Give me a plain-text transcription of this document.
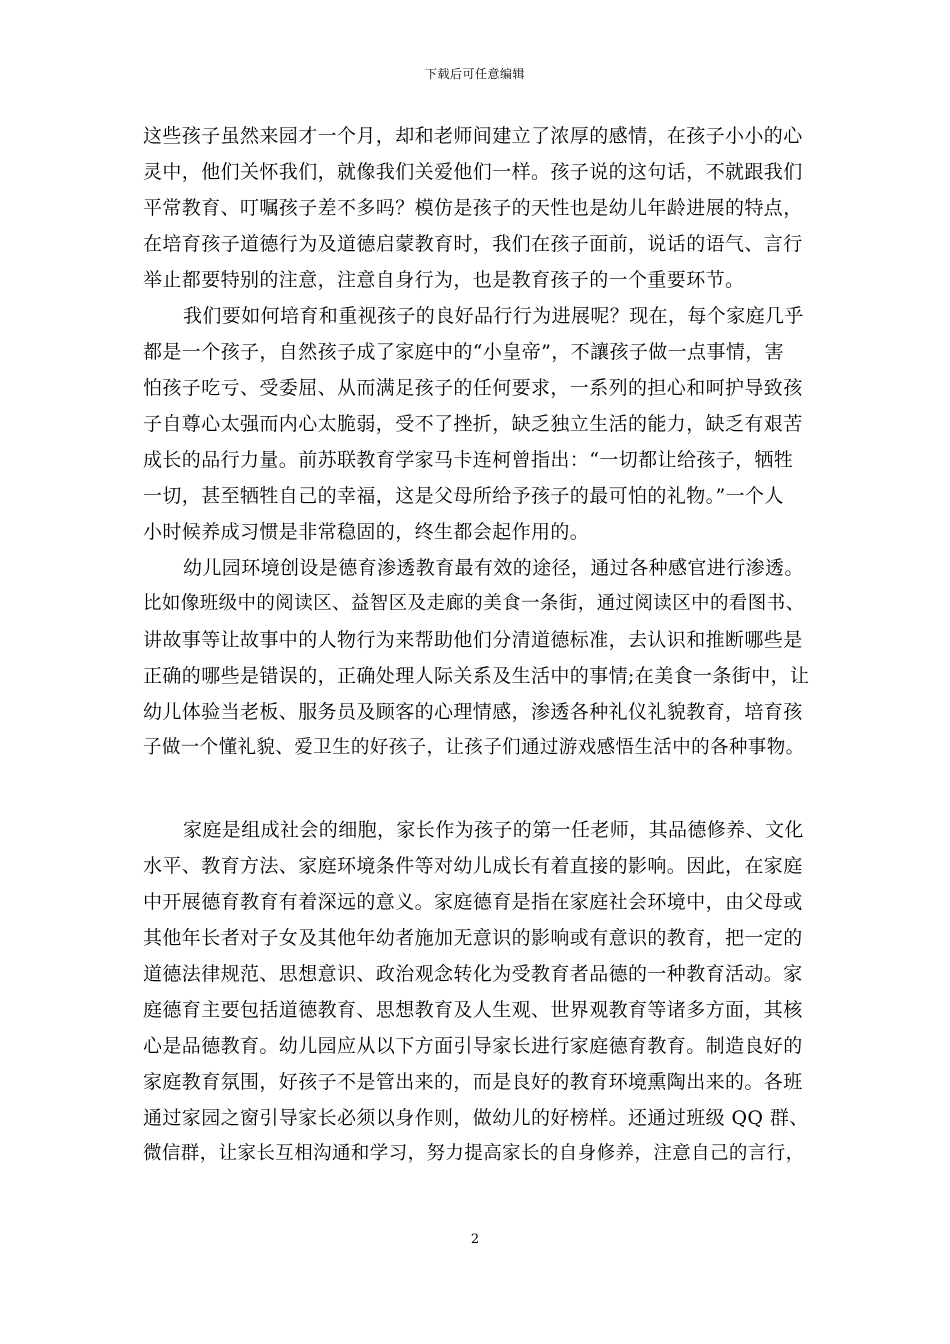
下载后可任意编辑
这些孩子虽然来园才一个月，却和老师间建立了浓厚的感情，在孩子小小的心
灵中，他们关怀我们，就像我们关爱他们一样。孩子说的这句话，不就跟我们
平常教育、叮嘱孩子差不多吗？模仿是孩子的天性也是幼儿年龄进展的特点，
在培育孩子道德行为及道德启蒙教育时，我们在孩子面前，说话的语气、言行
举止都要特别的注意，注意自身行为，也是教育孩子的一个重要环节。
我们要如何培育和重视孩子的良好品行行为进展呢？现在，每个家庭几乎
都是一个孩子，自然孩子成了家庭中的“小皇帝”，不讓孩子做一点事情，害
怕孩子吃亏、受委屈、从而满足孩子的任何要求，一系列的担心和呵护导致孩
子自尊心太强而内心太脆弱，受不了挫折，缺乏独立生活的能力，缺乏有艰苦
成长的品行力量。前苏联教育学家马卡连柯曾指出：“一切都让给孩子，牺牲
一切，甚至牺牲自己的幸福，这是父母所给予孩子的最可怕的礼物。”一个人
小时候养成习惯是非常稳固的，终生都会起作用的。
幼儿园环境创设是德育渗透教育最有效的途径，通过各种感官进行渗透。
比如像班级中的阅读区、益智区及走廊的美食一条街，通过阅读区中的看图书、
讲故事等让故事中的人物行为来帮助他们分清道德标准，去认识和推断哪些是
正确的哪些是错误的，正确处理人际关系及生活中的事情;在美食一条街中，让
幼儿体验当老板、服务员及顾客的心理情感，渗透各种礼仪礼貌教育，培育孩
子做一个懂礼貌、爱卫生的好孩子，让孩子们通过游戏感悟生活中的各种事物。
家庭是组成社会的细胞，家长作为孩子的第一任老师，其品德修养、文化
水平、教育方法、家庭环境条件等对幼儿成长有着直接的影响。因此，在家庭
中开展德育教育有着深远的意义。家庭德育是指在家庭社会环境中，由父母或
其他年长者对子女及其他年幼者施加无意识的影响或有意识的教育，把一定的
道德法律规范、思想意识、政治观念转化为受教育者品德的一种教育活动。家
庭德育主要包括道德教育、思想教育及人生观、世界观教育等诸多方面，其核
心是品德教育。幼儿园应从以下方面引导家长进行家庭德育教育。制造良好的
家庭教育氛围，好孩子不是管出来的，而是良好的教育环境熏陶出来的。各班
通过家园之窗引导家长必须以身作则，做幼儿的好榜样。还通过班级 QQ 群、
微信群，让家长互相沟通和学习，努力提高家长的自身修养，注意自己的言行，
2
